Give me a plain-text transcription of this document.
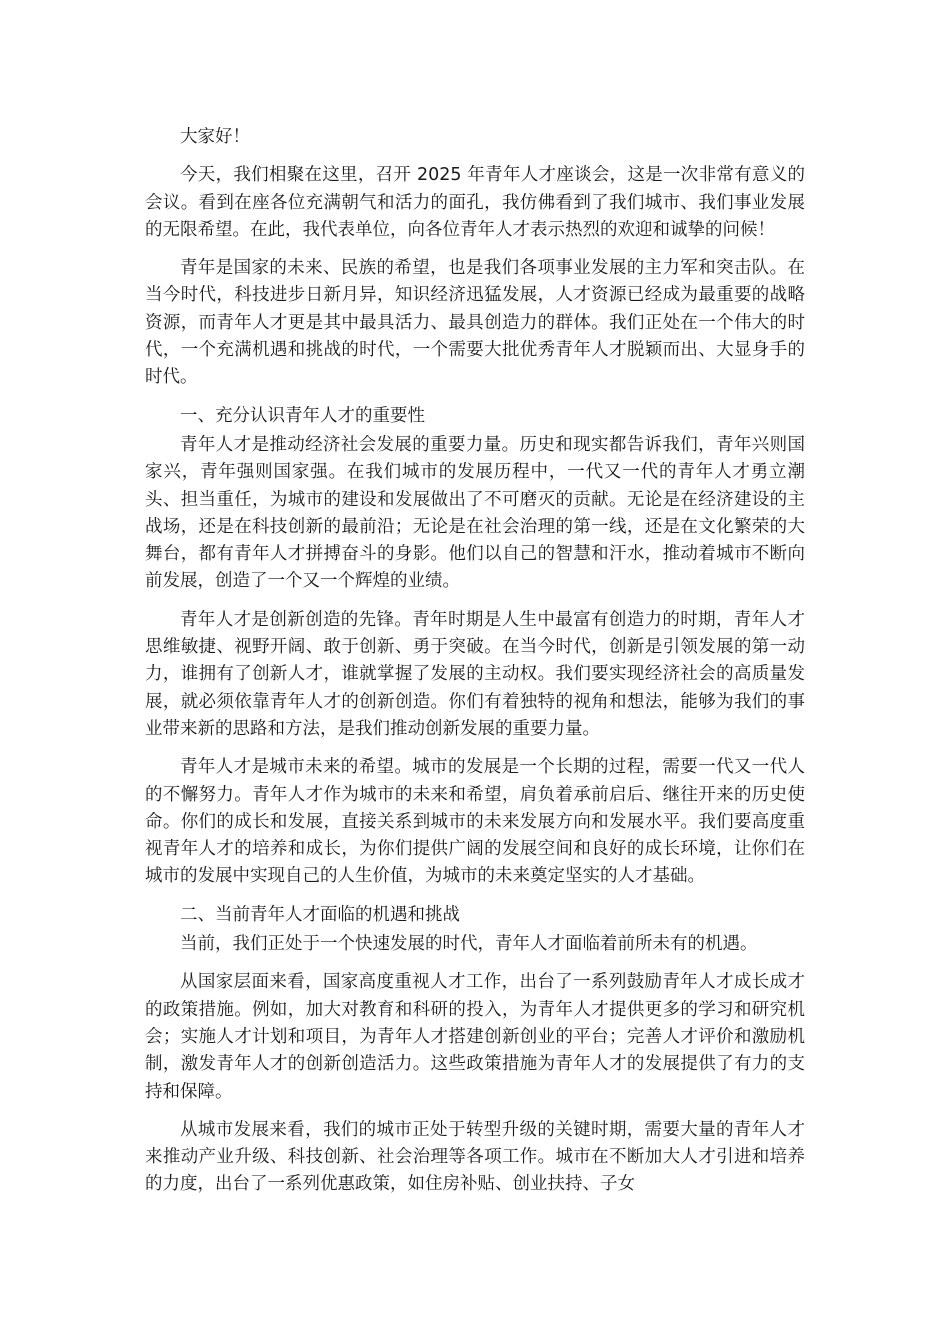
大家好！

今天，我们相聚在这里，召开 2025 年青年人才座谈会，这是一次非常有意义的会议。看到在座各位充满朝气和活力的面孔，我仿佛看到了我们城市、我们事业发展的无限希望。在此，我代表单位，向各位青年人才表示热烈的欢迎和诚挚的问候！

青年是国家的未来、民族的希望，也是我们各项事业发展的主力军和突击队。在当今时代，科技进步日新月异，知识经济迅猛发展，人才资源已经成为最重要的战略资源，而青年人才更是其中最具活力、最具创造力的群体。我们正处在一个伟大的时代，一个充满机遇和挑战的时代，一个需要大批优秀青年人才脱颖而出、大显身手的时代。

一、充分认识青年人才的重要性

青年人才是推动经济社会发展的重要力量。历史和现实都告诉我们，青年兴则国家兴，青年强则国家强。在我们城市的发展历程中，一代又一代的青年人才勇立潮头、担当重任，为城市的建设和发展做出了不可磨灭的贡献。无论是在经济建设的主战场，还是在科技创新的最前沿；无论是在社会治理的第一线，还是在文化繁荣的大舞台，都有青年人才拼搏奋斗的身影。他们以自己的智慧和汗水，推动着城市不断向前发展，创造了一个又一个辉煌的业绩。

青年人才是创新创造的先锋。青年时期是人生中最富有创造力的时期，青年人才思维敏捷、视野开阔、敢于创新、勇于突破。在当今时代，创新是引领发展的第一动力，谁拥有了创新人才，谁就掌握了发展的主动权。我们要实现经济社会的高质量发展，就必须依靠青年人才的创新创造。你们有着独特的视角和想法，能够为我们的事业带来新的思路和方法，是我们推动创新发展的重要力量。

青年人才是城市未来的希望。城市的发展是一个长期的过程，需要一代又一代人的不懈努力。青年人才作为城市的未来和希望，肩负着承前启后、继往开来的历史使命。你们的成长和发展，直接关系到城市的未来发展方向和发展水平。我们要高度重视青年人才的培养和成长，为你们提供广阔的发展空间和良好的成长环境，让你们在城市的发展中实现自己的人生价值，为城市的未来奠定坚实的人才基础。

二、当前青年人才面临的机遇和挑战

当前，我们正处于一个快速发展的时代，青年人才面临着前所未有的机遇。

从国家层面来看，国家高度重视人才工作，出台了一系列鼓励青年人才成长成才的政策措施。例如，加大对教育和科研的投入，为青年人才提供更多的学习和研究机会；实施人才计划和项目，为青年人才搭建创新创业的平台；完善人才评价和激励机制，激发青年人才的创新创造活力。这些政策措施为青年人才的发展提供了有力的支持和保障。

从城市发展来看，我们的城市正处于转型升级的关键时期，需要大量的青年人才来推动产业升级、科技创新、社会治理等各项工作。城市在不断加大人才引进和培养的力度，出台了一系列优惠政策，如住房补贴、创业扶持、子女
